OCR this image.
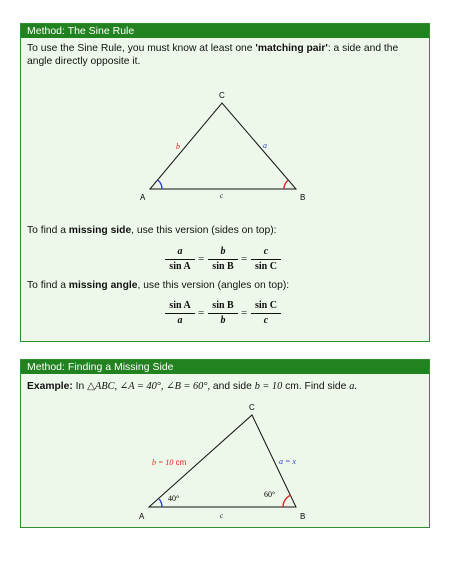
Method: The Sine Rule
To use the Sine Rule, you must know at least one 'matching pair': a side and the angle directly opposite it.
A	B
C
b	a
c
To find a missing side, use this version (sides on top):
a
sin A
=
b
sin B
=
c
sin C
To find a missing angle, use this version (angles on top):
sin A
a
=
sin B
b
=
sin C
c
Method: Finding a Missing Side
Example: In △ABC, ∠A = 40°, ∠B = 60°, and side b = 10 cm. Find side a.
A	B
C
b = 10 cm	a = x
c
40°	60°
